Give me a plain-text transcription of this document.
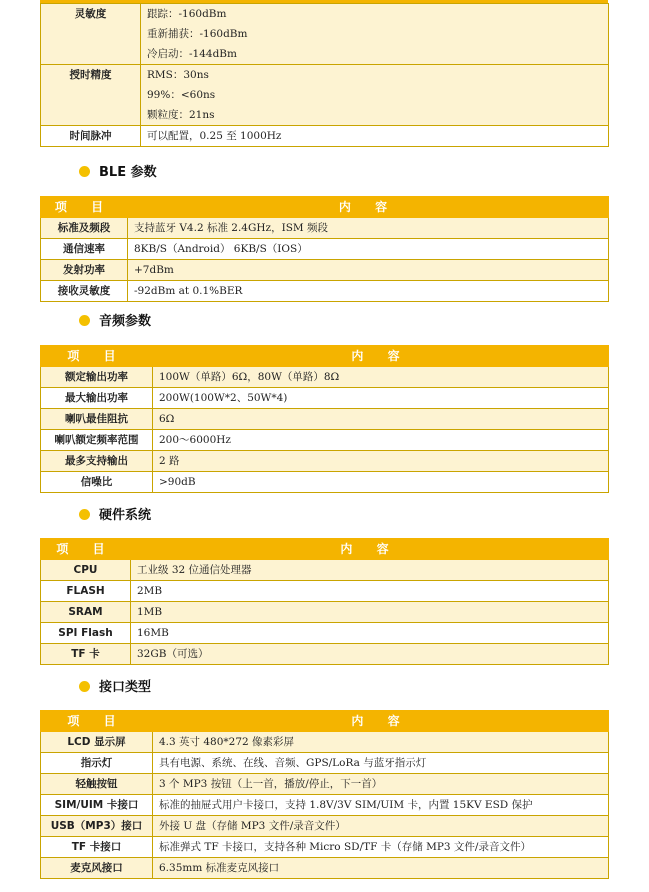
灵敏度	跟踪：-160dBm
重新捕获：-160dBm
冷启动：-144dBm

授时精度	RMS：30ns
99%：<60ns
颗粒度：21ns

时间脉冲	可以配置，0.25 至 1000Hz
BLE 参数
项 目	内 容
标准及频段	支持蓝牙 V4.2 标准 2.4GHz，ISM 频段
通信速率	8KB/S（Android） 6KB/S（IOS）
发射功率	+7dBm
接收灵敏度	-92dBm at 0.1%BER
音频参数
项 目	内 容
额定输出功率	100W（单路）6Ω，80W（单路）8Ω
最大输出功率	200W(100W*2、50W*4)
喇叭最佳阻抗	6Ω
喇叭额定频率范围	200～6000Hz
最多支持输出	2 路
信噪比	>90dB
硬件系统
项 目	内 容
CPU	工业级 32 位通信处理器
FLASH	2MB
SRAM	1MB
SPI Flash	16MB
TF 卡	32GB（可选）
接口类型
项 目	内 容
LCD 显示屏	4.3 英寸 480*272 像素彩屏
指示灯	具有电源、系统、在线、音频、GPS/LoRa 与蓝牙指示灯
轻触按钮	3 个 MP3 按钮（上一首，播放/停止，下一首）
SIM/UIM 卡接口	标准的抽屉式用户卡接口，支持 1.8V/3V SIM/UIM 卡，内置 15KV ESD 保护
USB（MP3）接口	外接 U 盘（存储 MP3 文件/录音文件）
TF 卡接口	标准弹式 TF 卡接口，支持各种 Micro SD/TF 卡（存储 MP3 文件/录音文件）
麦克风接口	6.35mm 标准麦克风接口
